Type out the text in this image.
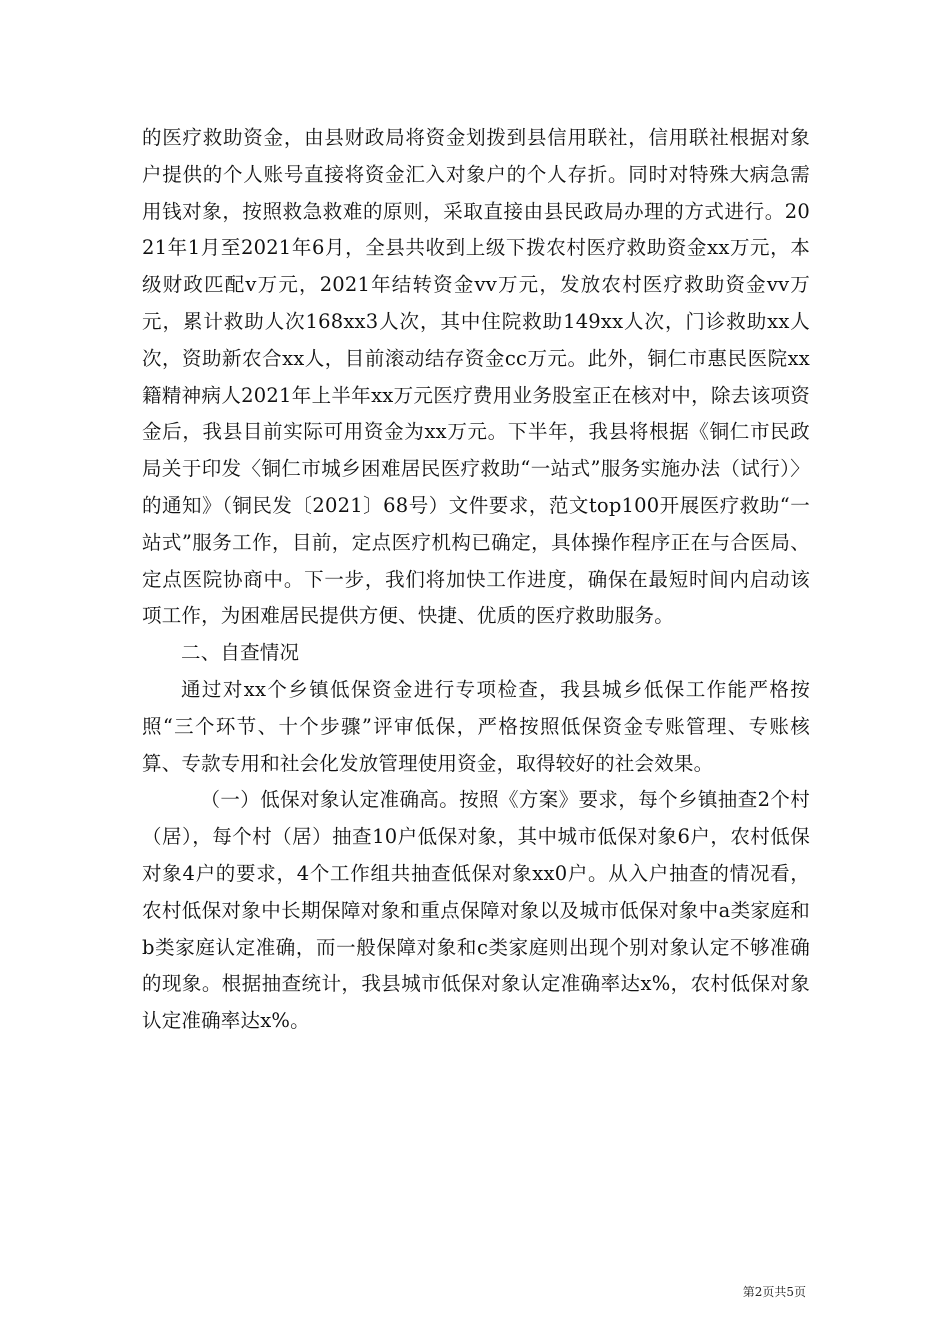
的医疗救助资金，由县财政局将资金划拨到县信用联社，信用联社根据对象户提供的个人账号直接将资金汇入对象户的个人存折。同时对特殊大病急需用钱对象，按照救急救难的原则，采取直接由县民政局办理的方式进行。2021年1月至2021年6月，全县共收到上级下拨农村医疗救助资金xx万元，本级财政匹配v万元，2021年结转资金vv万元，发放农村医疗救助资金vv万元，累计救助人次168xx3人次，其中住院救助149xx人次，门诊救助xx人次，资助新农合xx人，目前滚动结存资金cc万元。此外，铜仁市惠民医院xx籍精神病人2021年上半年xx万元医疗费用业务股室正在核对中，除去该项资金后，我县目前实际可用资金为xx万元。下半年，我县将根据《铜仁市民政局关于印发〈铜仁市城乡困难居民医疗救助“一站式”服务实施办法（试行）〉的通知》（铜民发〔2021〕68号）文件要求，范文top100开展医疗救助“一站式”服务工作，目前，定点医疗机构已确定，具体操作程序正在与合医局、定点医院协商中。下一步，我们将加快工作进度，确保在最短时间内启动该项工作，为困难居民提供方便、快捷、优质的医疗救助服务。

二、自查情况

通过对xx个乡镇低保资金进行专项检查，我县城乡低保工作能严格按照“三个环节、十个步骤”评审低保，严格按照低保资金专账管理、专账核算、专款专用和社会化发放管理使用资金，取得较好的社会效果。

（一）低保对象认定准确高。按照《方案》要求，每个乡镇抽查2个村（居），每个村（居）抽查10户低保对象，其中城市低保对象6户，农村低保对象4户的要求，4个工作组共抽查低保对象xx0户。从入户抽查的情况看，农村低保对象中长期保障对象和重点保障对象以及城市低保对象中a类家庭和b类家庭认定准确，而一般保障对象和c类家庭则出现个别对象认定不够准确的现象。根据抽查统计，我县城市低保对象认定准确率达x%，农村低保对象认定准确率达x%。

第2页共5页
